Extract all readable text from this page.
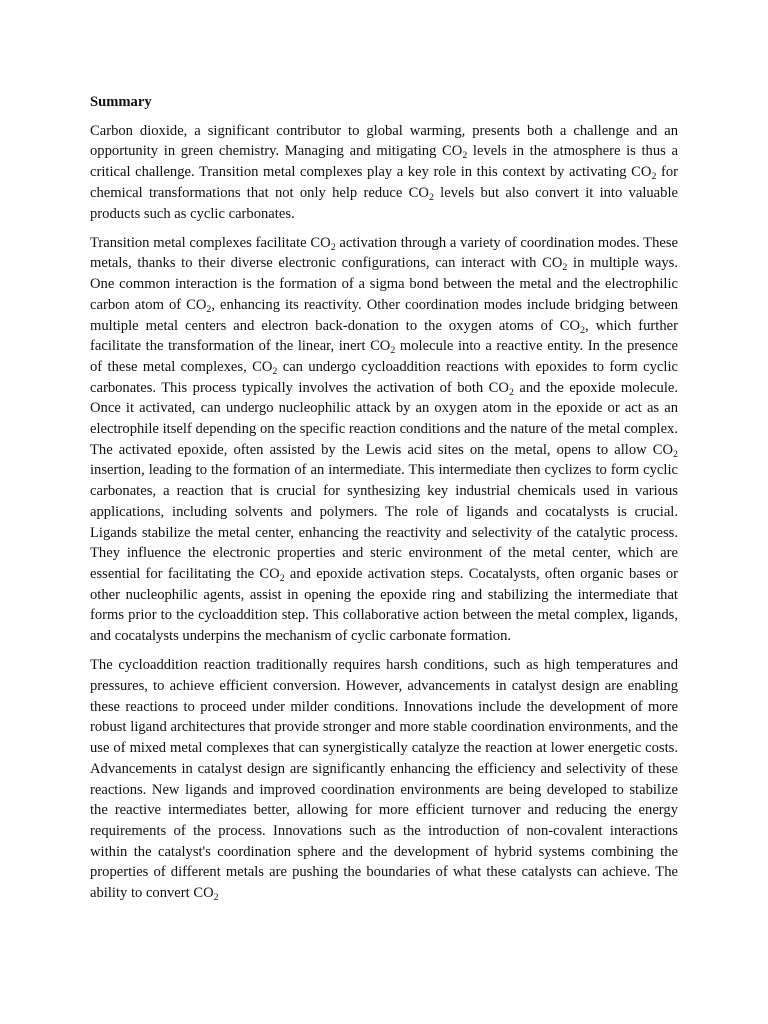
Summary

Carbon dioxide, a significant contributor to global warming, presents both a challenge and an opportunity in green chemistry. Managing and mitigating $CO_2$ levels in the atmosphere is thus a critical challenge. Transition metal complexes play a key role in this context by activating $CO_2$ for chemical transformations that not only help reduce $CO_2$ levels but also convert it into valuable products such as cyclic carbonates.

Transition metal complexes facilitate $CO_2$ activation through a variety of coordination modes. These metals, thanks to their diverse electronic configurations, can interact with $CO_2$ in multiple ways. One common interaction is the formation of a sigma bond between the metal and the electrophilic carbon atom of $CO_2$, enhancing its reactivity. Other coordination modes include bridging between multiple metal centers and electron back-donation to the oxygen atoms of $CO_2$, which further facilitate the transformation of the linear, inert $CO_2$ molecule into a reactive entity. In the presence of these metal complexes, $CO_2$ can undergo cycloaddition reactions with epoxides to form cyclic carbonates. This process typically involves the activation of both $CO_2$ and the epoxide molecule. Once it activated, can undergo nucleophilic attack by an oxygen atom in the epoxide or act as an electrophile itself depending on the specific reaction conditions and the nature of the metal complex. The activated epoxide, often assisted by the Lewis acid sites on the metal, opens to allow $CO_2$ insertion, leading to the formation of an intermediate. This intermediate then cyclizes to form cyclic carbonates, a reaction that is crucial for synthesizing key industrial chemicals used in various applications, including solvents and polymers. The role of ligands and cocatalysts is crucial. Ligands stabilize the metal center, enhancing the reactivity and selectivity of the catalytic process. They influence the electronic properties and steric environment of the metal center, which are essential for facilitating the $CO_2$ and epoxide activation steps. Cocatalysts, often organic bases or other nucleophilic agents, assist in opening the epoxide ring and stabilizing the intermediate that forms prior to the cycloaddition step. This collaborative action between the metal complex, ligands, and cocatalysts underpins the mechanism of cyclic carbonate formation.

The cycloaddition reaction traditionally requires harsh conditions, such as high temperatures and pressures, to achieve efficient conversion. However, advancements in catalyst design are enabling these reactions to proceed under milder conditions. Innovations include the development of more robust ligand architectures that provide stronger and more stable coordination environments, and the use of mixed metal complexes that can synergistically catalyze the reaction at lower energetic costs. Advancements in catalyst design are significantly enhancing the efficiency and selectivity of these reactions. New ligands and improved coordination environments are being developed to stabilize the reactive intermediates better, allowing for more efficient turnover and reducing the energy requirements of the process. Innovations such as the introduction of non-covalent interactions within the catalyst's coordination sphere and the development of hybrid systems combining the properties of different metals are pushing the boundaries of what these catalysts can achieve. The ability to convert $CO_2$
